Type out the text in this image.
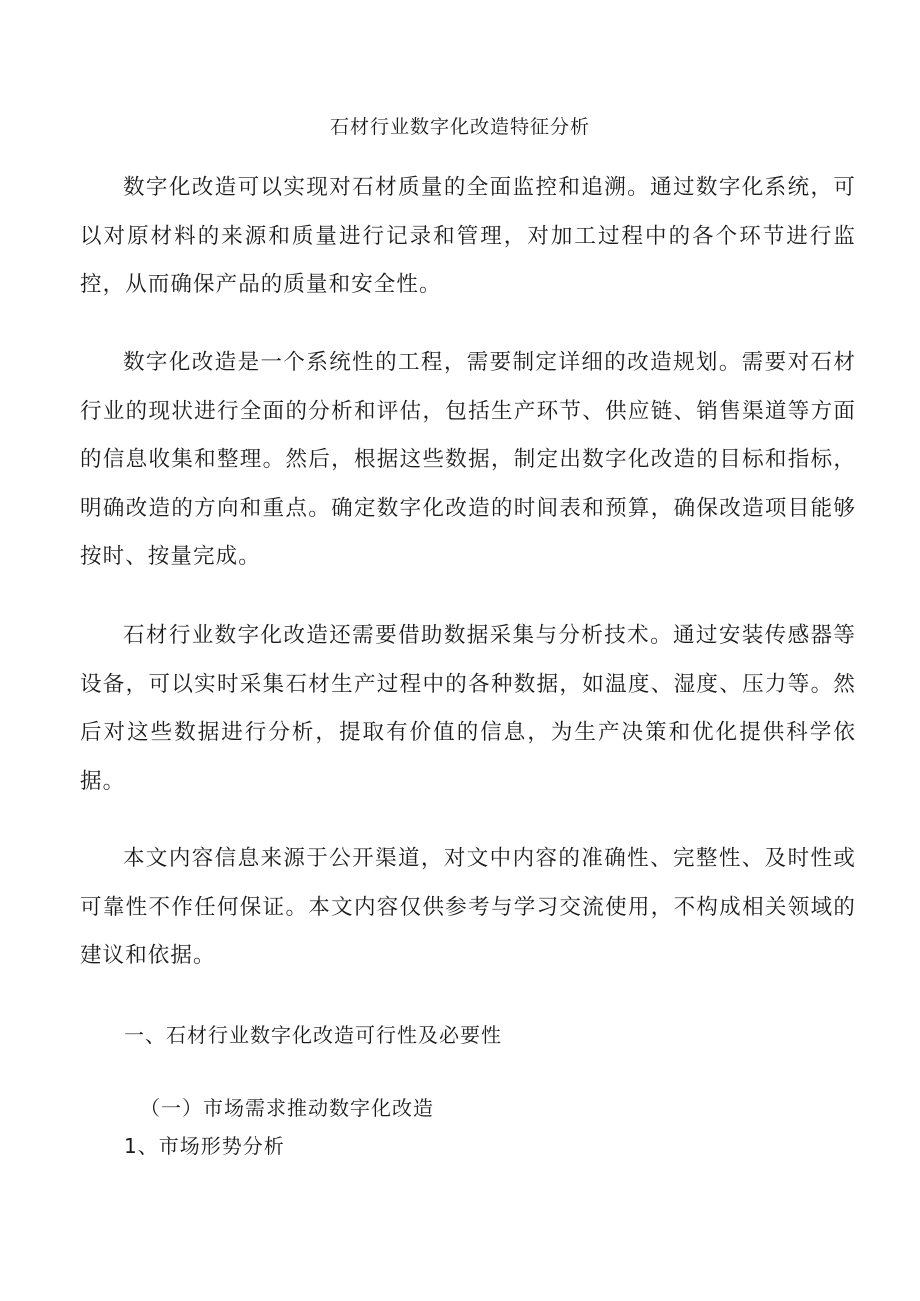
石材行业数字化改造特征分析

数字化改造可以实现对石材质量的全面监控和追溯。通过数字化系统，可以对原材料的来源和质量进行记录和管理，对加工过程中的各个环节进行监控，从而确保产品的质量和安全性。

数字化改造是一个系统性的工程，需要制定详细的改造规划。需要对石材行业的现状进行全面的分析和评估，包括生产环节、供应链、销售渠道等方面的信息收集和整理。然后，根据这些数据，制定出数字化改造的目标和指标，明确改造的方向和重点。确定数字化改造的时间表和预算，确保改造项目能够按时、按量完成。

石材行业数字化改造还需要借助数据采集与分析技术。通过安装传感器等设备，可以实时采集石材生产过程中的各种数据，如温度、湿度、压力等。然后对这些数据进行分析，提取有价值的信息，为生产决策和优化提供科学依据。

本文内容信息来源于公开渠道，对文中内容的准确性、完整性、及时性或可靠性不作任何保证。本文内容仅供参考与学习交流使用，不构成相关领域的建议和依据。

一、石材行业数字化改造可行性及必要性

（一）市场需求推动数字化改造

1、市场形势分析
